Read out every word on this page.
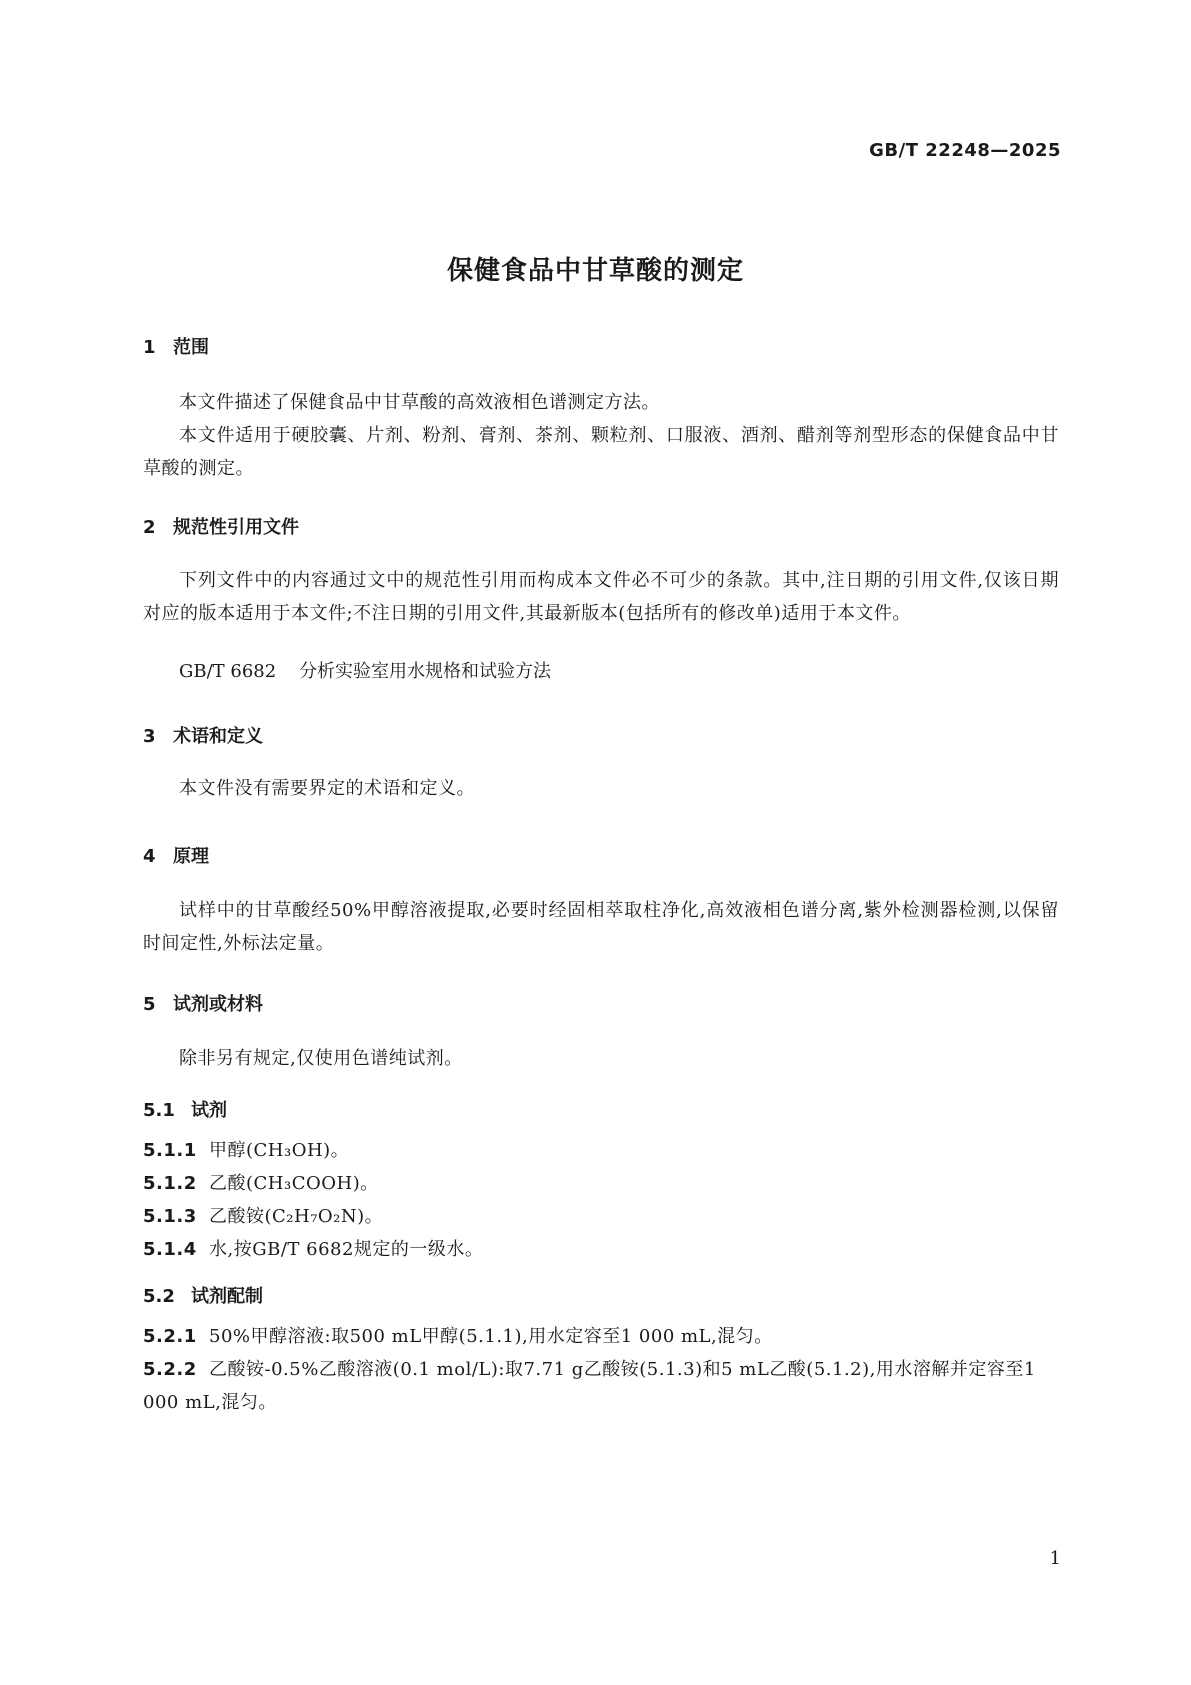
GB/T 22248—2025
保健食品中甘草酸的测定
1 范围
本文件描述了保健食品中甘草酸的高效液相色谱测定方法。
本文件适用于硬胶囊、片剂、粉剂、膏剂、茶剂、颗粒剂、口服液、酒剂、醋剂等剂型形态的保健食品中甘草酸的测定。
2 规范性引用文件
下列文件中的内容通过文中的规范性引用而构成本文件必不可少的条款。其中,注日期的引用文件,仅该日期对应的版本适用于本文件;不注日期的引用文件,其最新版本(包括所有的修改单)适用于本文件。
GB/T 6682 分析实验室用水规格和试验方法
3 术语和定义
本文件没有需要界定的术语和定义。
4 原理
试样中的甘草酸经50%甲醇溶液提取,必要时经固相萃取柱净化,高效液相色谱分离,紫外检测器检测,以保留时间定性,外标法定量。
5 试剂或材料
除非另有规定,仅使用色谱纯试剂。
5.1 试剂
5.1.1 甲醇(CH₃OH)。
5.1.2 乙酸(CH₃COOH)。
5.1.3 乙酸铵(C₂H₇O₂N)。
5.1.4 水,按GB/T 6682规定的一级水。
5.2 试剂配制
5.2.1 50%甲醇溶液:取500 mL甲醇(5.1.1),用水定容至1 000 mL,混匀。
5.2.2 乙酸铵-0.5%乙酸溶液(0.1 mol/L):取7.71 g乙酸铵(5.1.3)和5 mL乙酸(5.1.2),用水溶解并定容至1 000 mL,混匀。
1
